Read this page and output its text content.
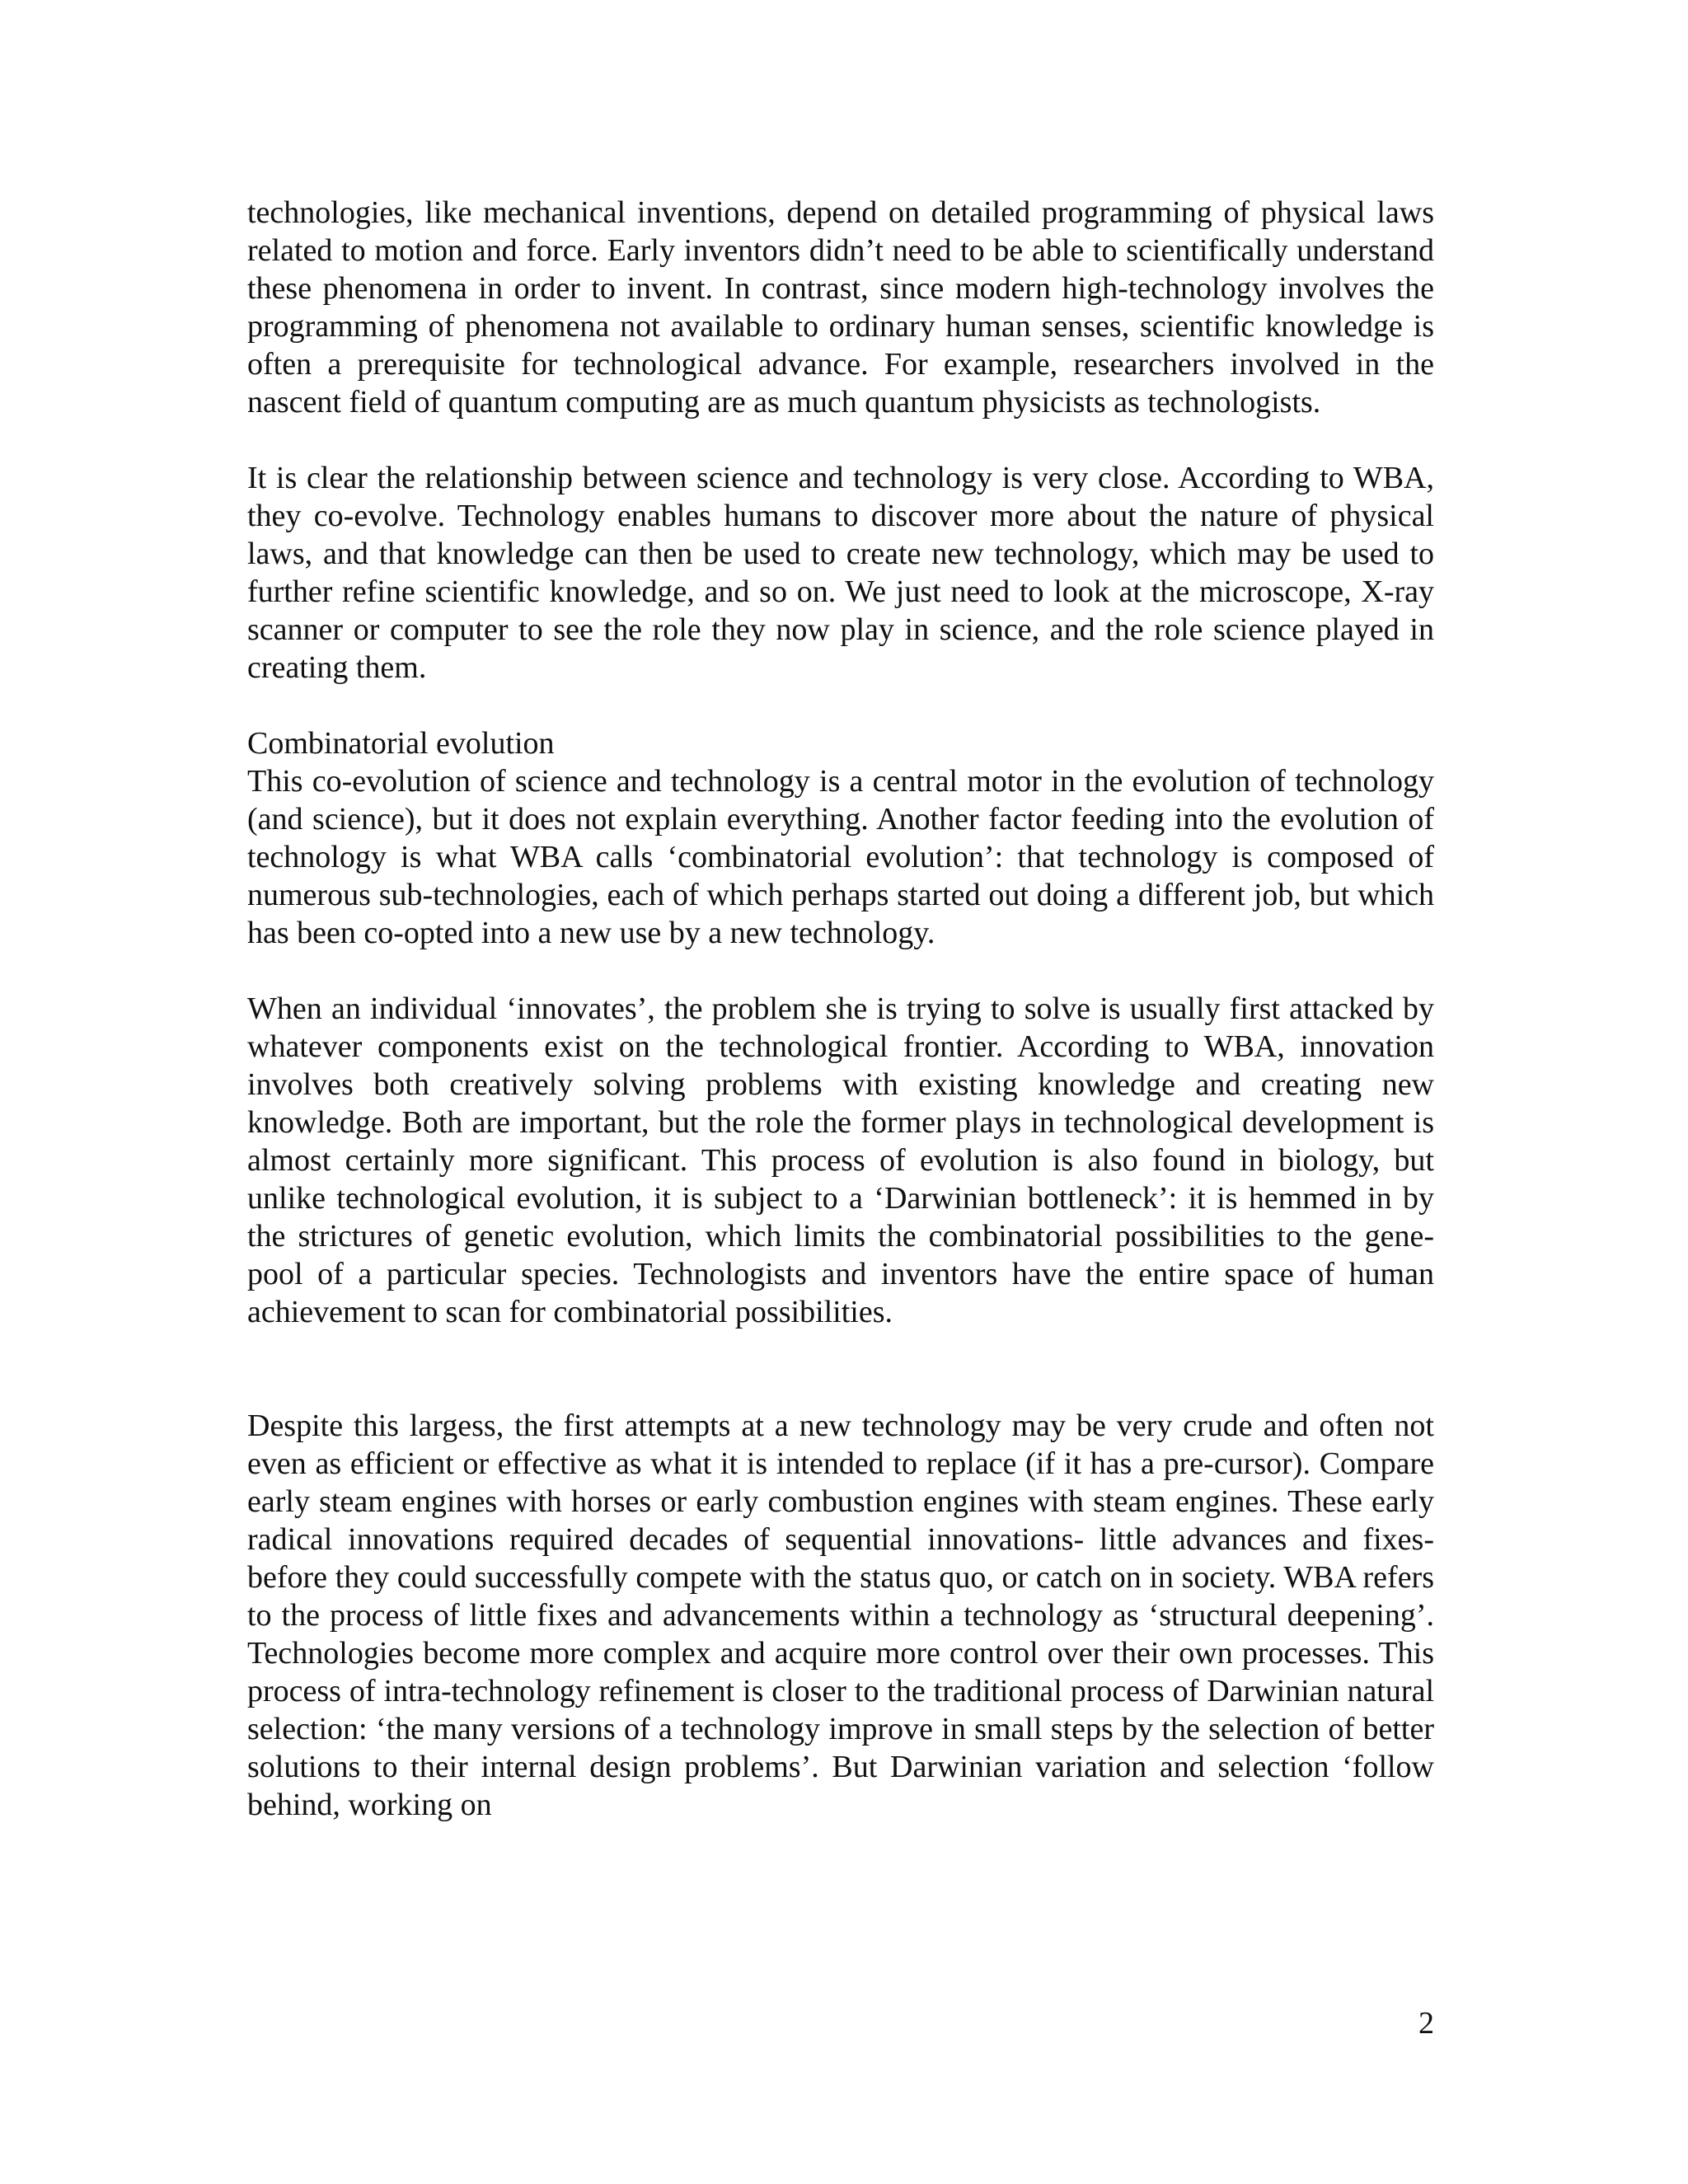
technologies, like mechanical inventions, depend on detailed programming of physical laws related to motion and force. Early inventors didn’t need to be able to scientifically understand these phenomena in order to invent. In contrast, since modern high-technology involves the programming of phenomena not available to ordinary human senses, scientific knowledge is often a prerequisite for technological advance. For example, researchers involved in the nascent field of quantum computing are as much quantum physicists as technologists.

It is clear the relationship between science and technology is very close. According to WBA, they co-evolve. Technology enables humans to discover more about the nature of physical laws, and that knowledge can then be used to create new technology, which may be used to further refine scientific knowledge, and so on. We just need to look at the microscope, X-ray scanner or computer to see the role they now play in science, and the role science played in creating them.

Combinatorial evolution

This co-evolution of science and technology is a central motor in the evolution of technology (and science), but it does not explain everything. Another factor feeding into the evolution of technology is what WBA calls ‘combinatorial evolution’: that technology is composed of numerous sub-technologies, each of which perhaps started out doing a different job, but which has been co-opted into a new use by a new technology.

When an individual ‘innovates’, the problem she is trying to solve is usually first attacked by whatever components exist on the technological frontier. According to WBA, innovation involves both creatively solving problems with existing knowledge and creating new knowledge. Both are important, but the role the former plays in technological development is almost certainly more significant. This process of evolution is also found in biology, but unlike technological evolution, it is subject to a ‘Darwinian bottleneck’: it is hemmed in by the strictures of genetic evolution, which limits the combinatorial possibilities to the gene-pool of a particular species. Technologists and inventors have the entire space of human achievement to scan for combinatorial possibilities.

Despite this largess, the first attempts at a new technology may be very crude and often not even as efficient or effective as what it is intended to replace (if it has a pre-cursor). Compare early steam engines with horses or early combustion engines with steam engines. These early radical innovations required decades of sequential innovations- little advances and fixes- before they could successfully compete with the status quo, or catch on in society. WBA refers to the process of little fixes and advancements within a technology as ‘structural deepening’. Technologies become more complex and acquire more control over their own processes. This process of intra-technology refinement is closer to the traditional process of Darwinian natural selection: ‘the many versions of a technology improve in small steps by the selection of better solutions to their internal design problems’. But Darwinian variation and selection ‘follow behind, working on

2
